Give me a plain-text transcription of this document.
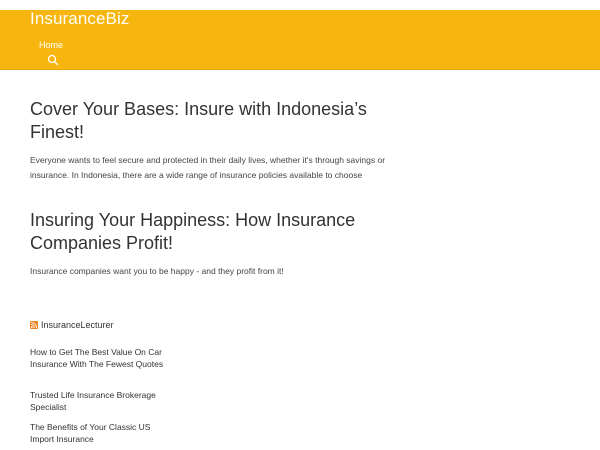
InsuranceBiz
Home
Cover Your Bases: Insure with Indonesia’s Finest!

Everyone wants to feel secure and protected in their daily lives, whether it's through savings or insurance. In Indonesia, there are a wide range of insurance policies available to choose

Insuring Your Happiness: How Insurance Companies Profit!

Insurance companies want you to be happy - and they profit from it!

InsuranceLecturer
How to Get The Best Value On Car Insurance With The Fewest Quotes
Trusted Life Insurance Brokerage Specialist
The Benefits of Your Classic US Import Insurance
